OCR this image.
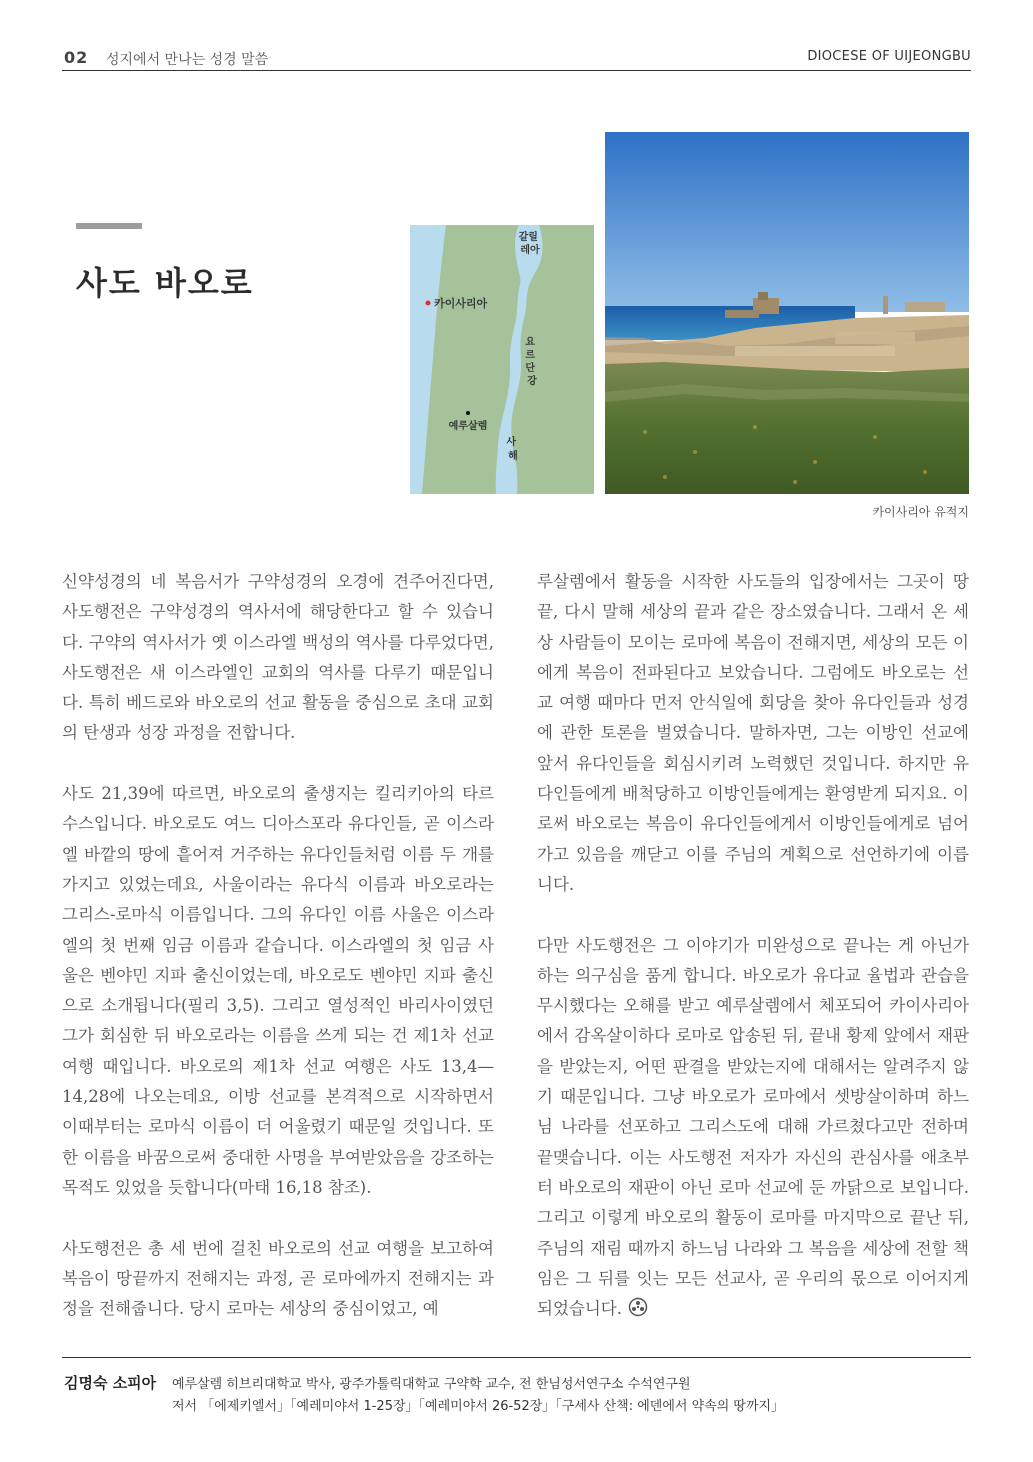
02 성지에서 만나는 성경 말씀	DIOCESE OF UIJEONGBU
사도 바오로
갈릴 레아
카이사리아
요 르 단 강
예루살렘
사 해
카이사리아 유적지

신약성경의 네 복음서가 구약성경의 오경에 견주어진다면, 사도행전은 구약성경의 역사서에 해당한다고 할 수 있습니다. 구약의 역사서가 옛 이스라엘 백성의 역사를 다루었다면, 사도행전은 새 이스라엘인 교회의 역사를 다루기 때문입니다. 특히 베드로와 바오로의 선교 활동을 중심으로 초대 교회의 탄생과 성장 과정을 전합니다.

사도 21,39에 따르면, 바오로의 출생지는 킬리키아의 타르수스입니다. 바오로도 여느 디아스포라 유다인들, 곧 이스라엘 바깥의 땅에 흩어져 거주하는 유다인들처럼 이름 두 개를 가지고 있었는데요, 사울이라는 유다식 이름과 바오로라는 그리스-로마식 이름입니다. 그의 유다인 이름 사울은 이스라엘의 첫 번째 임금 이름과 같습니다. 이스라엘의 첫 임금 사울은 벤야민 지파 출신이었는데, 바오로도 벤야민 지파 출신으로 소개됩니다(필리 3,5). 그리고 열성적인 바리사이였던 그가 회심한 뒤 바오로라는 이름을 쓰게 되는 건 제1차 선교 여행 때입니다. 바오로의 제1차 선교 여행은 사도 13,4—14,28에 나오는데요, 이방 선교를 본격적으로 시작하면서 이때부터는 로마식 이름이 더 어울렸기 때문일 것입니다. 또한 이름을 바꿈으로써 중대한 사명을 부여받았음을 강조하는 목적도 있었을 듯합니다(마태 16,18 참조).

사도행전은 총 세 번에 걸친 바오로의 선교 여행을 보고하여 복음이 땅끝까지 전해지는 과정, 곧 로마에까지 전해지는 과정을 전해줍니다. 당시 로마는 세상의 중심이었고, 예

루살렘에서 활동을 시작한 사도들의 입장에서는 그곳이 땅끝, 다시 말해 세상의 끝과 같은 장소였습니다. 그래서 온 세상 사람들이 모이는 로마에 복음이 전해지면, 세상의 모든 이에게 복음이 전파된다고 보았습니다. 그럼에도 바오로는 선교 여행 때마다 먼저 안식일에 회당을 찾아 유다인들과 성경에 관한 토론을 벌였습니다. 말하자면, 그는 이방인 선교에 앞서 유다인들을 회심시키려 노력했던 것입니다. 하지만 유다인들에게 배척당하고 이방인들에게는 환영받게 되지요. 이로써 바오로는 복음이 유다인들에게서 이방인들에게로 넘어가고 있음을 깨닫고 이를 주님의 계획으로 선언하기에 이릅니다.

다만 사도행전은 그 이야기가 미완성으로 끝나는 게 아닌가 하는 의구심을 품게 합니다. 바오로가 유다교 율법과 관습을 무시했다는 오해를 받고 예루살렘에서 체포되어 카이사리아에서 감옥살이하다 로마로 압송된 뒤, 끝내 황제 앞에서 재판을 받았는지, 어떤 판결을 받았는지에 대해서는 알려주지 않기 때문입니다. 그냥 바오로가 로마에서 셋방살이하며 하느님 나라를 선포하고 그리스도에 대해 가르쳤다고만 전하며 끝맺습니다. 이는 사도행전 저자가 자신의 관심사를 애초부터 바오로의 재판이 아닌 로마 선교에 둔 까닭으로 보입니다. 그리고 이렇게 바오로의 활동이 로마를 마지막으로 끝난 뒤, 주님의 재림 때까지 하느님 나라와 그 복음을 세상에 전할 책임은 그 뒤를 잇는 모든 선교사, 곧 우리의 몫으로 이어지게 되었습니다.

김명숙 소피아 예루살렘 히브리대학교 박사, 광주가톨릭대학교 구약학 교수, 전 한님성서연구소 수석연구원
저서 「에제키엘서」「예레미야서 1-25장」「예레미야서 26-52장」「구세사 산책: 에덴에서 약속의 땅까지」
